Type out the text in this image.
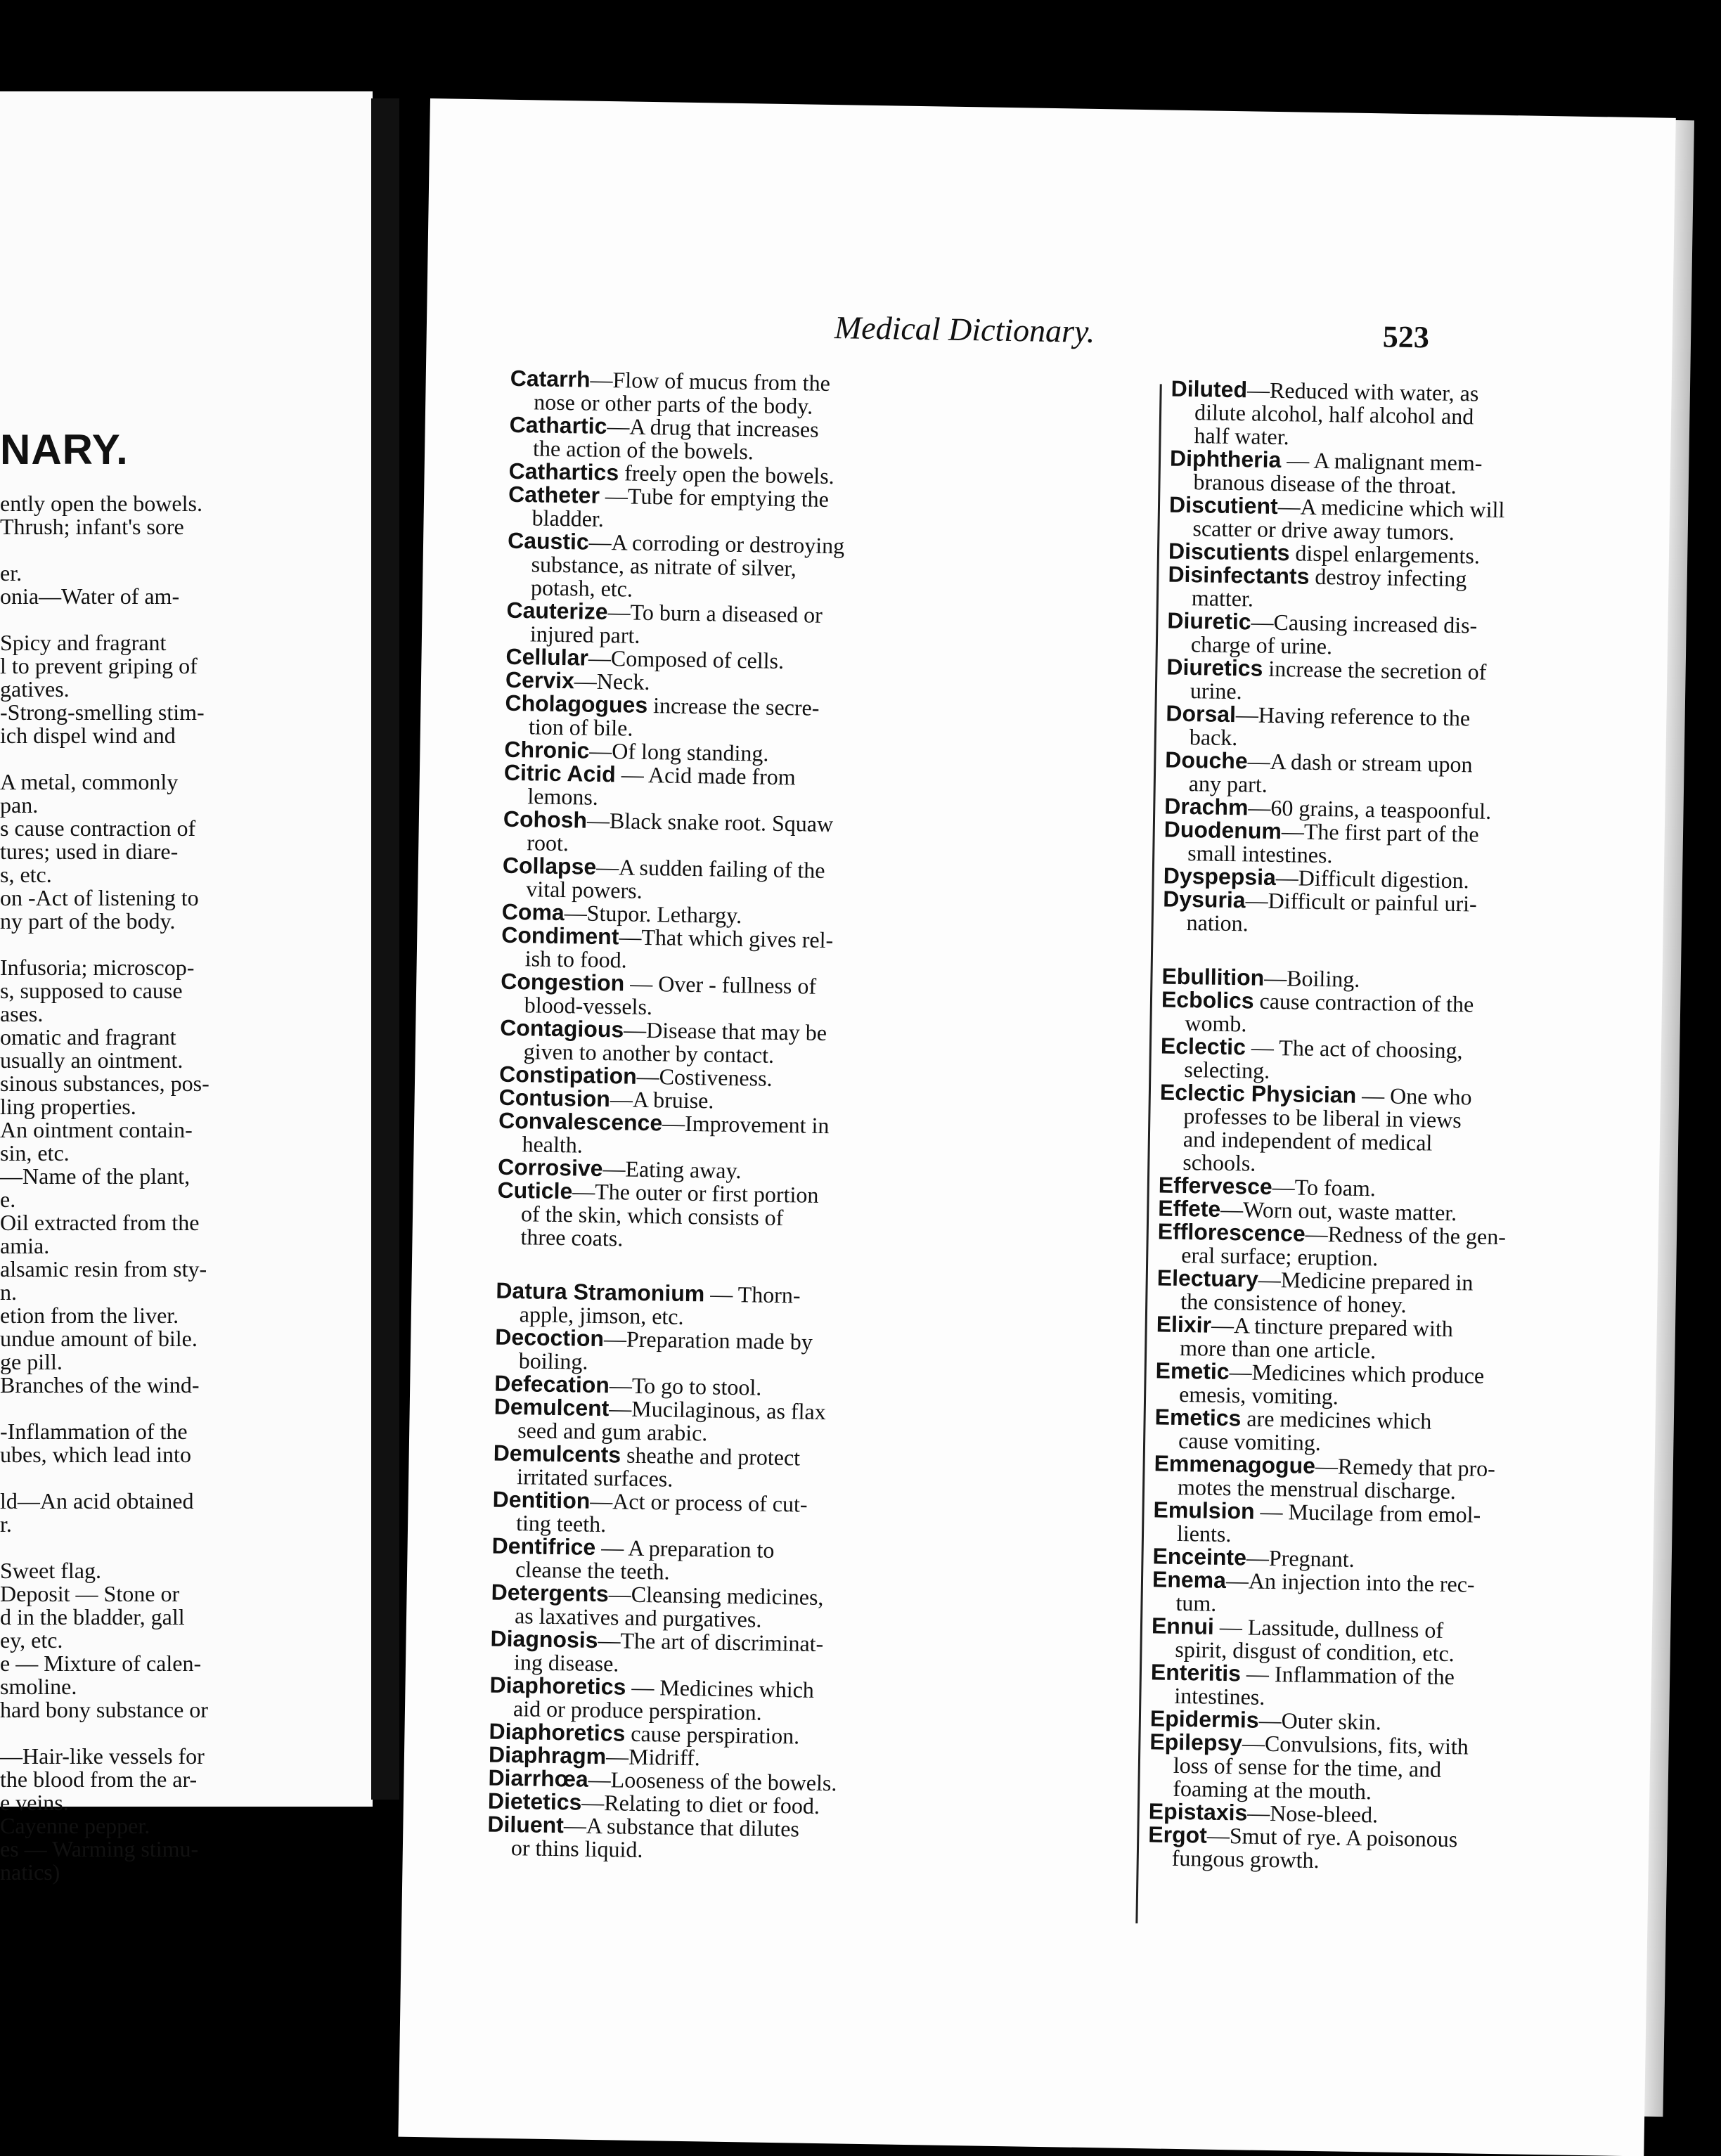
NARY.
ently open the bowels.
Thrush; infant's sore
er.
onia—Water of am-
Spicy and fragrant
l to prevent griping of
gatives.
-Strong-smelling stim-
ich dispel wind and
A metal, commonly
pan.
s cause contraction of
tures; used in diare-
s, etc.
on -Act of listening to
ny part of the body.
Infusoria; microscop-
s, supposed to cause
ases.
omatic and fragrant
usually an ointment.
sinous substances, pos-
ling properties.
An ointment contain-
sin, etc.
—Name of the plant,
e.
Oil extracted from the
amia.
alsamic resin from sty-
n.
etion from the liver.
undue amount of bile.
ge pill.
Branches of the wind-
-Inflammation of the
ubes, which lead into
ld—An acid obtained
r.
Sweet flag.
Deposit — Stone or
d in the bladder, gall
ey, etc.
e — Mixture of calen-
smoline.
hard bony substance or
—Hair-like vessels for
the blood from the ar-
e veins.
Cayenne pepper.
es — Warming stimu-
natics)
Medical Dictionary.	523
Catarrh—Flow of mucus from the
nose or other parts of the body.
Cathartic—A drug that increases
the action of the bowels.
Cathartics freely open the bowels.
Catheter —Tube for emptying the
bladder.
Caustic—A corroding or destroying
substance, as nitrate of silver,
potash, etc.
Cauterize—To burn a diseased or
injured part.
Cellular—Composed of cells.
Cervix—Neck.
Cholagogues increase the secre-
tion of bile.
Chronic—Of long standing.
Citric Acid — Acid made from
lemons.
Cohosh—Black snake root. Squaw
root.
Collapse—A sudden failing of the
vital powers.
Coma—Stupor. Lethargy.
Condiment—That which gives rel-
ish to food.
Congestion — Over - fullness of
blood-vessels.
Contagious—Disease that may be
given to another by contact.
Constipation—Costiveness.
Contusion—A bruise.
Convalescence—Improvement in
health.
Corrosive—Eating away.
Cuticle—The outer or first portion
of the skin, which consists of
three coats.
Datura Stramonium — Thorn-
apple, jimson, etc.
Decoction—Preparation made by
boiling.
Defecation—To go to stool.
Demulcent—Mucilaginous, as flax
seed and gum arabic.
Demulcents sheathe and protect
irritated surfaces.
Dentition—Act or process of cut-
ting teeth.
Dentifrice — A preparation to
cleanse the teeth.
Detergents—Cleansing medicines,
as laxatives and purgatives.
Diagnosis—The art of discriminat-
ing disease.
Diaphoretics — Medicines which
aid or produce perspiration.
Diaphoretics cause perspiration.
Diaphragm—Midriff.
Diarrhœa—Looseness of the bowels.
Dietetics—Relating to diet or food.
Diluent—A substance that dilutes
or thins liquid.
Diluted—Reduced with water, as
dilute alcohol, half alcohol and
half water.
Diphtheria — A malignant mem-
branous disease of the throat.
Discutient—A medicine which will
scatter or drive away tumors.
Discutients dispel enlargements.
Disinfectants destroy infecting
matter.
Diuretic—Causing increased dis-
charge of urine.
Diuretics increase the secretion of
urine.
Dorsal—Having reference to the
back.
Douche—A dash or stream upon
any part.
Drachm—60 grains, a teaspoonful.
Duodenum—The first part of the
small intestines.
Dyspepsia—Difficult digestion.
Dysuria—Difficult or painful uri-
nation.
Ebullition—Boiling.
Ecbolics cause contraction of the
womb.
Eclectic — The act of choosing,
selecting.
Eclectic Physician — One who
professes to be liberal in views
and independent of medical
schools.
Effervesce—To foam.
Effete—Worn out, waste matter.
Efflorescence—Redness of the gen-
eral surface; eruption.
Electuary—Medicine prepared in
the consistence of honey.
Elixir—A tincture prepared with
more than one article.
Emetic—Medicines which produce
emesis, vomiting.
Emetics are medicines which
cause vomiting.
Emmenagogue—Remedy that pro-
motes the menstrual discharge.
Emulsion — Mucilage from emol-
lients.
Enceinte—Pregnant.
Enema—An injection into the rec-
tum.
Ennui — Lassitude, dullness of
spirit, disgust of condition, etc.
Enteritis — Inflammation of the
intestines.
Epidermis—Outer skin.
Epilepsy—Convulsions, fits, with
loss of sense for the time, and
foaming at the mouth.
Epistaxis—Nose-bleed.
Ergot—Smut of rye. A poisonous
fungous growth.
